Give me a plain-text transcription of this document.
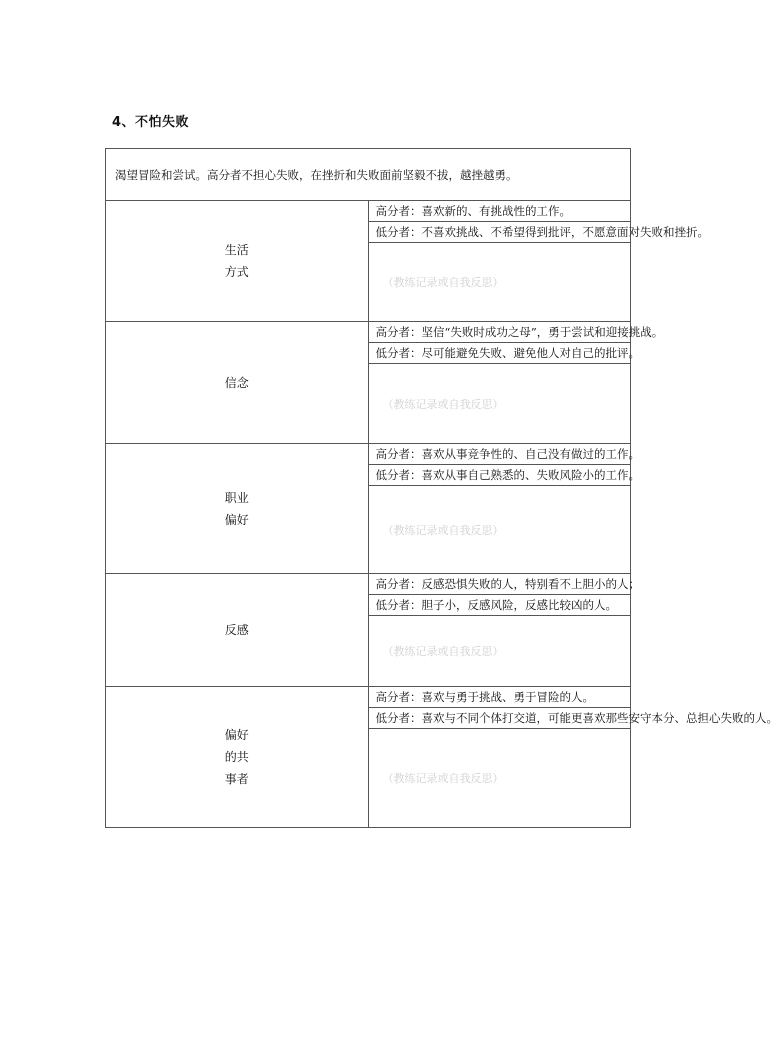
4、不怕失败
渴望冒险和尝试。高分者不担心失败，在挫折和失败面前坚毅不拔，越挫越勇。	
生活方式	高分者：喜欢新的、有挑战性的工作。
	低分者：不喜欢挑战、不希望得到批评，不愿意面对失败和挫折。
	（教练记录或自我反思）
信念	高分者：坚信“失败时成功之母”，勇于尝试和迎接挑战。
	低分者：尽可能避免失败、避免他人对自己的批评。
	（教练记录或自我反思）
职业偏好	高分者：喜欢从事竞争性的、自己没有做过的工作。
	低分者：喜欢从事自己熟悉的、失败风险小的工作。
	（教练记录或自我反思）
反感	高分者：反感恐惧失败的人，特别看不上胆小的人；
	低分者：胆子小，反感风险，反感比较凶的人。
	（教练记录或自我反思）
偏好的共事者	高分者：喜欢与勇于挑战、勇于冒险的人。
	低分者：喜欢与不同个体打交道，可能更喜欢那些安守本分、总担心失败的人。
	（教练记录或自我反思）
